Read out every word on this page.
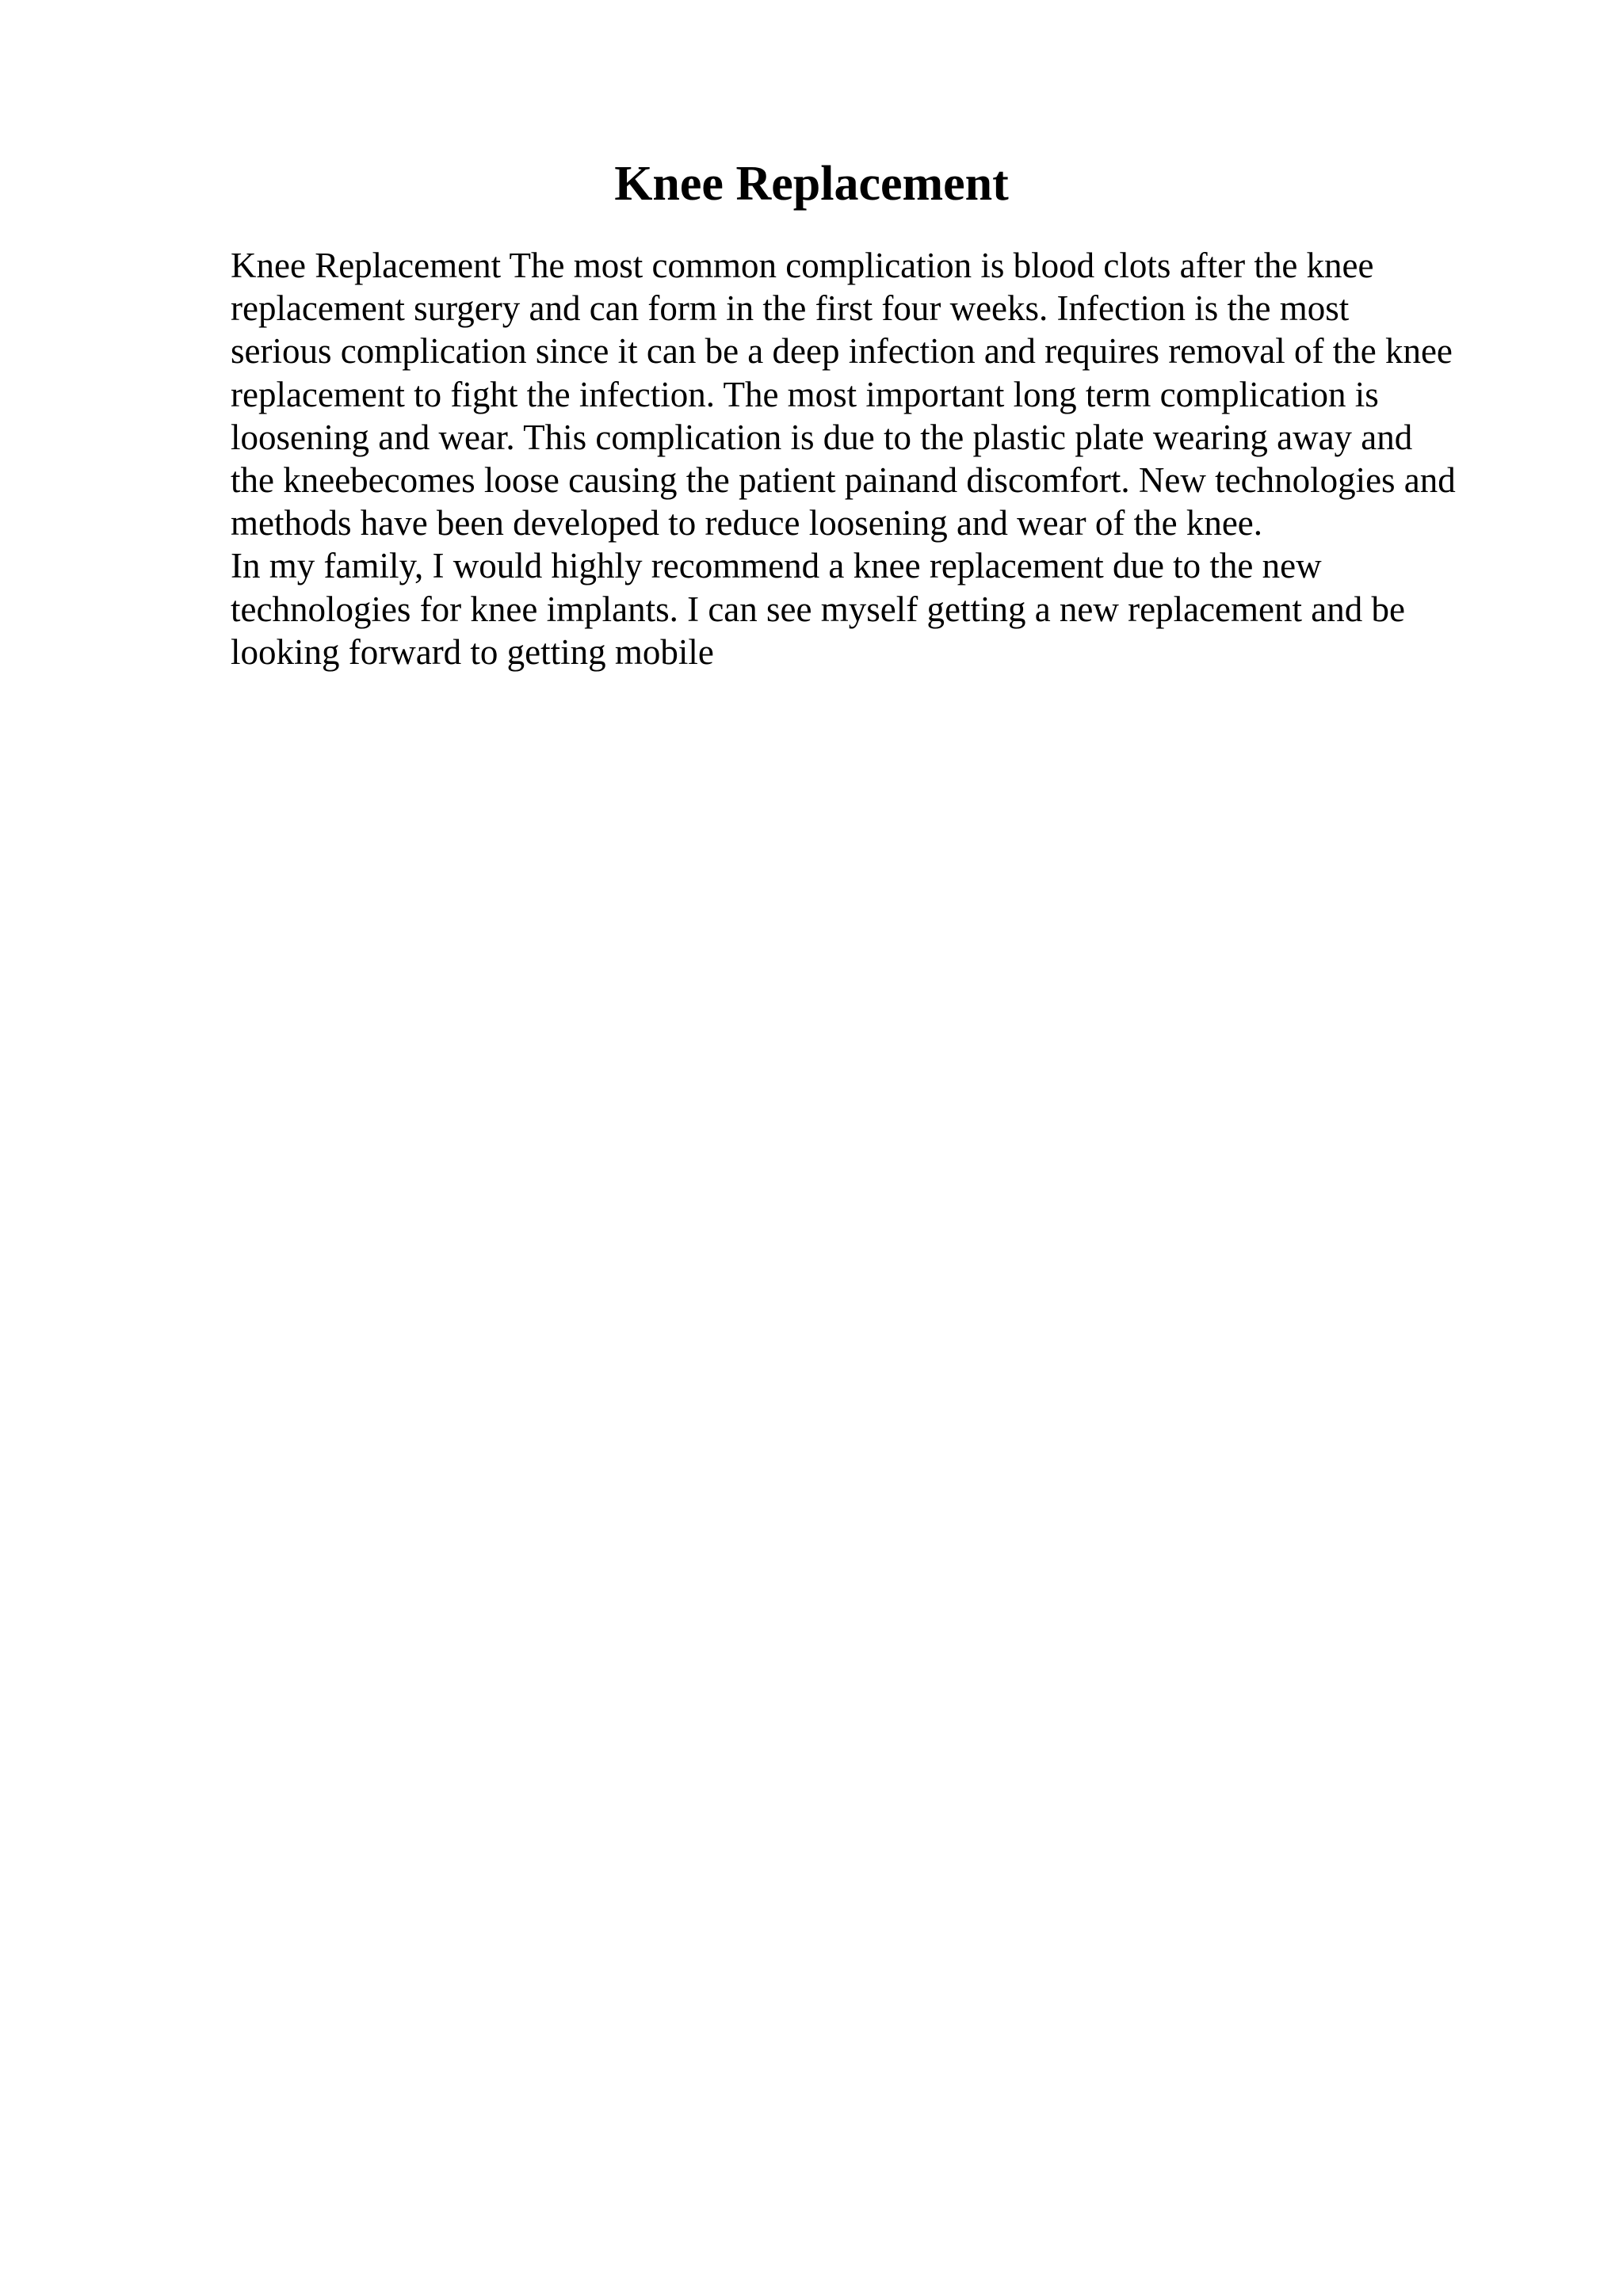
Knee Replacement
Knee Replacement The most common complication is blood clots after the knee
replacement surgery and can form in the first four weeks. Infection is the most
serious complication since it can be a deep infection and requires removal of the knee
replacement to fight the infection. The most important long term complication is
loosening and wear. This complication is due to the plastic plate wearing away and
the kneebecomes loose causing the patient painand discomfort. New technologies and
methods have been developed to reduce loosening and wear of the knee.
In my family, I would highly recommend a knee replacement due to the new
technologies for knee implants. I can see myself getting a new replacement and be
looking forward to getting mobile
